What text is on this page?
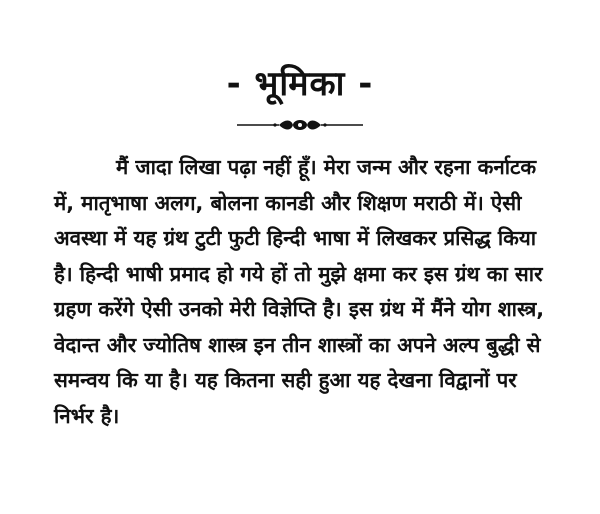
- भूमिका -
मैं जादा लिखा पढ़ा नहीं हूँ। मेरा जन्म और रहना कर्नाटक
में, मातृभाषा अलग, बोलना कानडी और शिक्षण मराठी में। ऐसी
अवस्था में यह ग्रंथ टुटी फुटी हिन्दी भाषा में लिखकर प्रसिद्ध किया
है। हिन्दी भाषी प्रमाद हो गये हों तो मुझे क्षमा कर इस ग्रंथ का सार
ग्रहण करेंगे ऐसी उनको मेरी विज्ञेप्ति है। इस ग्रंथ में मैंने योग शास्त्र,
वेदान्त और ज्योतिष शास्त्र इन तीन शास्त्रों का अपने अल्प बुद्धी से
समन्वय कि या है। यह कितना सही हुआ यह देखना विद्वानों पर
निर्भर है।
